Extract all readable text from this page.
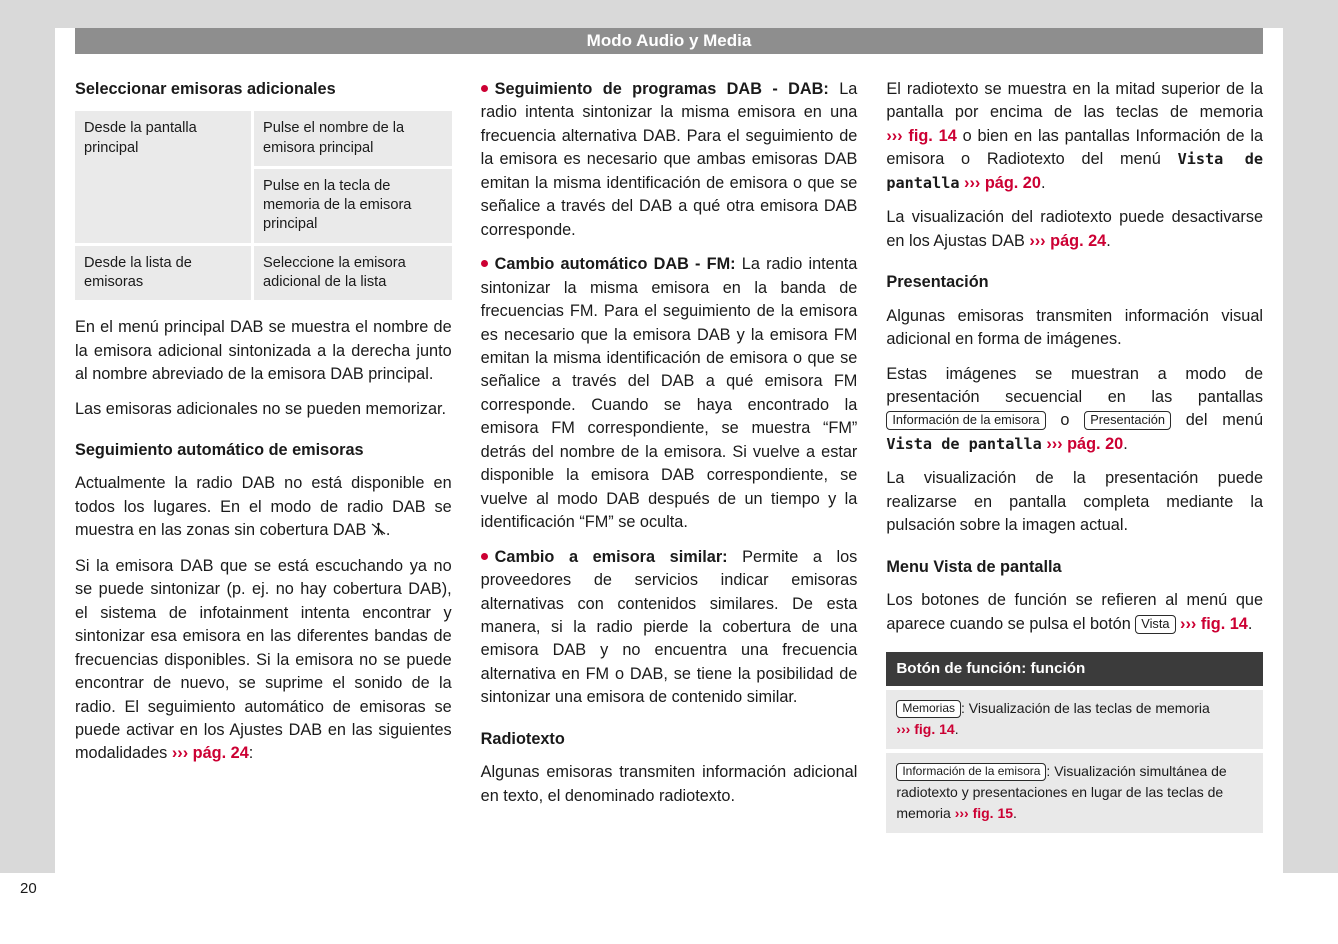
Modo Audio y Media
Seleccionar emisoras adicionales
Desde la pantalla principal
Pulse el nombre de la emisora principal
Pulse en la tecla de memoria de la emisora principal
Desde la lista de emisoras
Seleccione la emisora adicional de la lista

En el menú principal DAB se muestra el nombre de la emisora adicional sintonizada a la derecha junto al nombre abreviado de la emisora DAB principal.

Las emisoras adicionales no se pueden memorizar.

Seguimiento automático de emisoras

Actualmente la radio DAB no está disponible en todos los lugares. En el modo de radio DAB se muestra en las zonas sin cobertura DAB .

Si la emisora DAB que se está escuchando ya no se puede sintonizar (p. ej. no hay cobertura DAB), el sistema de infotainment intenta encontrar y sintonizar esa emisora en las diferentes bandas de frecuencias disponibles. Si la emisora no se puede encontrar de nuevo, se suprime el sonido de la radio. El seguimiento automático de emisoras se puede activar en los Ajustes DAB en las siguientes modalidades ››› pág. 24:

Seguimiento de programas DAB - DAB: La radio intenta sintonizar la misma emisora en una frecuencia alternativa DAB. Para el seguimiento de la emisora es necesario que ambas emisoras DAB emitan la misma identificación de emisora o que se señalice a través del DAB a qué otra emisora DAB corresponde.

Cambio automático DAB - FM: La radio intenta sintonizar la misma emisora en la banda de frecuencias FM. Para el seguimiento de la emisora es necesario que la emisora DAB y la emisora FM emitan la misma identificación de emisora o que se señalice a través del DAB a qué emisora FM corresponde. Cuando se haya encontrado la emisora FM correspondiente, se muestra “FM” detrás del nombre de la emisora. Si vuelve a estar disponible la emisora DAB correspondiente, se vuelve al modo DAB después de un tiempo y la identificación “FM” se oculta.

Cambio a emisora similar: Permite a los proveedores de servicios indicar emisoras alternativas con contenidos similares. De esta manera, si la radio pierde la cobertura de una emisora DAB y no encuentra una frecuencia alternativa en FM o DAB, se tiene la posibilidad de sintonizar una emisora de contenido similar.

Radiotexto

Algunas emisoras transmiten información adicional en texto, el denominado radiotexto.

El radiotexto se muestra en la mitad superior de la pantalla por encima de las teclas de memoria ››› fig. 14 o bien en las pantallas Información de la emisora o Radiotexto del menú Vista de pantalla ››› pág. 20.

La visualización del radiotexto puede desactivarse en los Ajustas DAB ››› pág. 24.

Presentación

Algunas emisoras transmiten información visual adicional en forma de imágenes.

Estas imágenes se muestran a modo de presentación secuencial en las pantallas Información de la emisora o Presentación del menú Vista de pantalla ››› pág. 20.

La visualización de la presentación puede realizarse en pantalla completa mediante la pulsación sobre la imagen actual.

Menu Vista de pantalla

Los botones de función se refieren al menú que aparece cuando se pulsa el botón Vista ››› fig. 14.

Botón de función: función
Memorias : Visualización de las teclas de memoria ››› fig. 14.
Información de la emisora : Visualización simultánea de radiotexto y presentaciones en lugar de las teclas de memoria ››› fig. 15.
20
